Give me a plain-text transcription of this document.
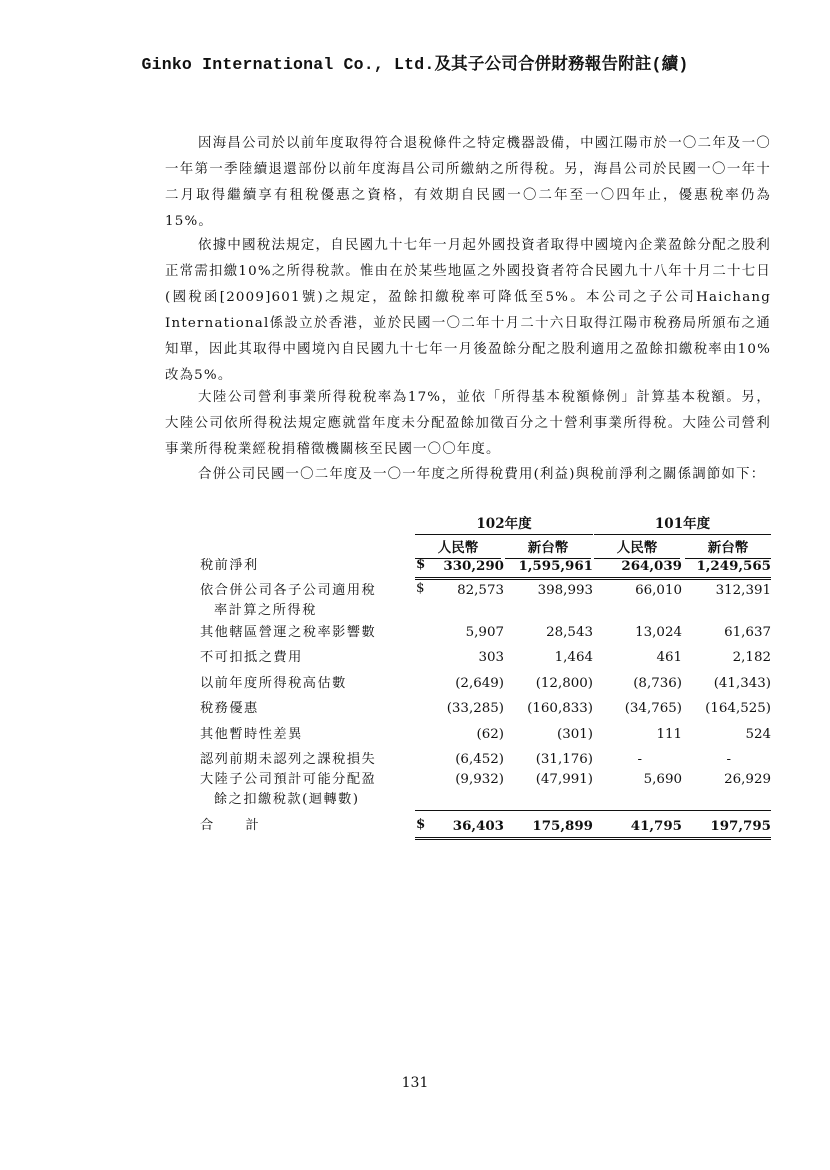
Ginko International Co., Ltd.及其子公司合併財務報告附註(續)
因海昌公司於以前年度取得符合退稅條件之特定機器設備，中國江陽市於一〇二年及一〇一年第一季陸續退還部份以前年度海昌公司所繳納之所得稅。另，海昌公司於民國一〇一年十二月取得繼續享有租稅優惠之資格，有效期自民國一〇二年至一〇四年止，優惠稅率仍為15%。
依據中國稅法規定，自民國九十七年一月起外國投資者取得中國境內企業盈餘分配之股利正常需扣繳10%之所得稅款。惟由在於某些地區之外國投資者符合民國九十八年十月二十七日(國稅函[2009]601號)之規定，盈餘扣繳稅率可降低至5%。本公司之子公司Haichang International係設立於香港，並於民國一〇二年十月二十六日取得江陽市稅務局所頒布之通知單，因此其取得中國境內自民國九十七年一月後盈餘分配之股利適用之盈餘扣繳稅率由10%改為5%。
大陸公司營利事業所得稅稅率為17%，並依「所得基本稅額條例」計算基本稅額。另，大陸公司依所得稅法規定應就當年度未分配盈餘加徵百分之十營利事業所得稅。大陸公司營利事業所得稅業經稅捐稽徵機關核至民國一〇〇年度。
合併公司民國一〇二年度及一〇一年度之所得稅費用(利益)與稅前淨利之關係調節如下：
102年度	101年度
人民幣	新台幣	人民幣	新台幣
稅前淨利	$	330,290	1,595,961	264,039	1,249,565
依合併公司各子公司適用稅
率計算之所得稅
$	82,573	398,993	66,010	312,391
其他轄區營運之稅率影響數	5,907	28,543	13,024	61,637
不可扣抵之費用	303	1,464	461	2,182
以前年度所得稅高估數	(2,649)	(12,800)	(8,736)	(41,343)
稅務優惠	(33,285)	(160,833)	(34,765)	(164,525)
其他暫時性差異	(62)	(301)	111	524
認列前期未認列之課稅損失	(6,452)	(31,176)	-	-
大陸子公司預計可能分配盈
餘之扣繳稅款(迴轉數)
(9,932)	(47,991)	5,690	26,929
合　　計	$	36,403	175,899	41,795	197,795
131
